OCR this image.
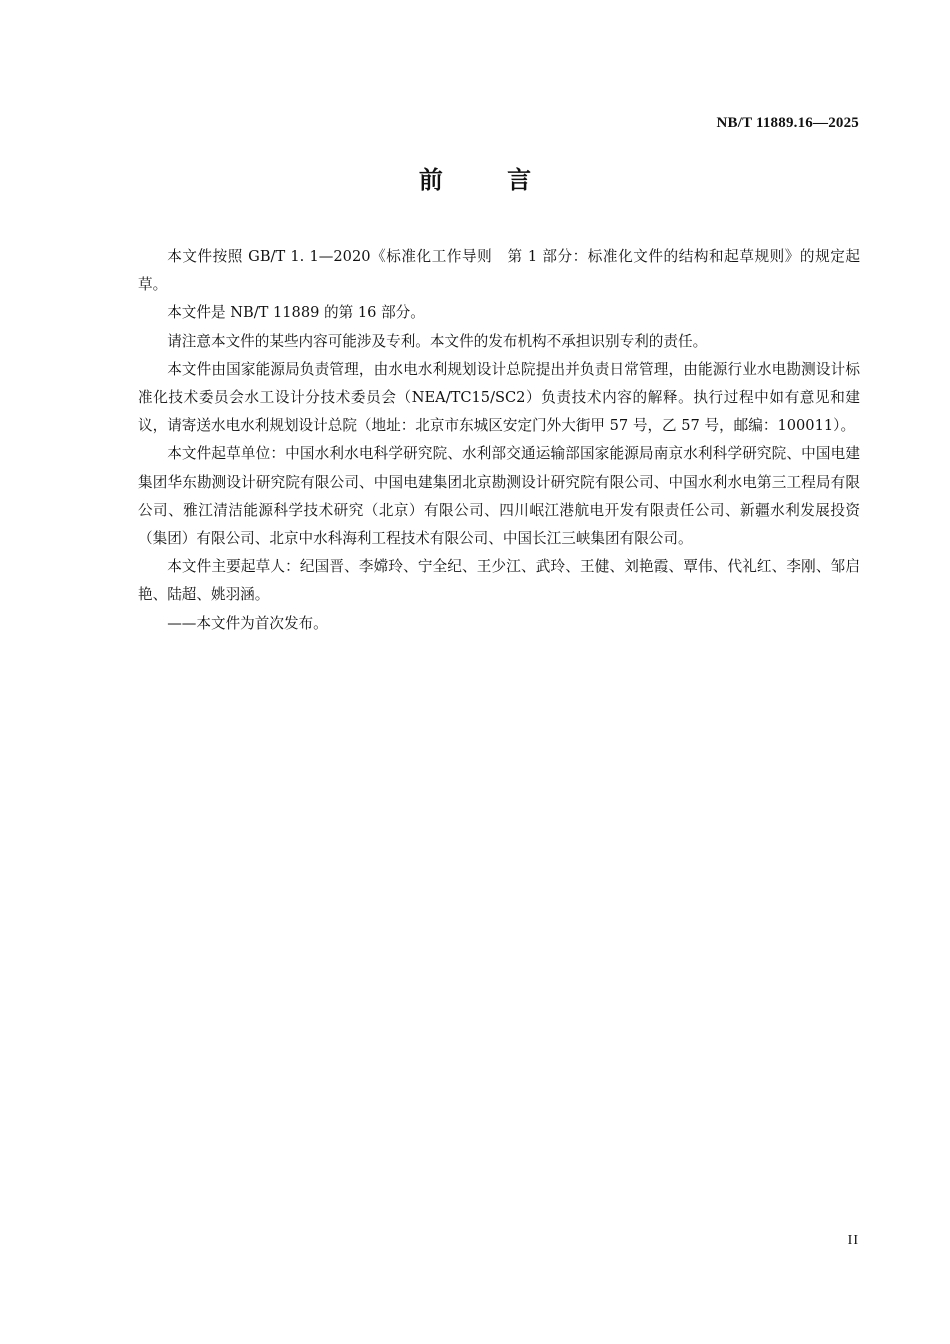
NB/T 11889.16—2025
前 言

本文件按照 GB/T 1. 1—2020《标准化工作导则　第 1 部分：标准化文件的结构和起草规则》的规定起草。

本文件是 NB/T 11889 的第 16 部分。

请注意本文件的某些内容可能涉及专利。本文件的发布机构不承担识别专利的责任。

本文件由国家能源局负责管理，由水电水利规划设计总院提出并负责日常管理，由能源行业水电勘测设计标准化技术委员会水工设计分技术委员会（NEA/TC15/SC2）负责技术内容的解释。执行过程中如有意见和建议，请寄送水电水利规划设计总院（地址：北京市东城区安定门外大街甲 57 号，乙 57 号，邮编：100011）。

本文件起草单位：中国水利水电科学研究院、水利部交通运输部国家能源局南京水利科学研究院、中国电建集团华东勘测设计研究院有限公司、中国电建集团北京勘测设计研究院有限公司、中国水利水电第三工程局有限公司、雅江清洁能源科学技术研究（北京）有限公司、四川岷江港航电开发有限责任公司、新疆水利发展投资（集团）有限公司、北京中水科海利工程技术有限公司、中国长江三峡集团有限公司。

本文件主要起草人：纪国晋、李嫦玲、宁全纪、王少江、武玲、王健、刘艳霞、覃伟、代礼红、李刚、邹启艳、陆超、姚羽涵。

——本文件为首次发布。

II
